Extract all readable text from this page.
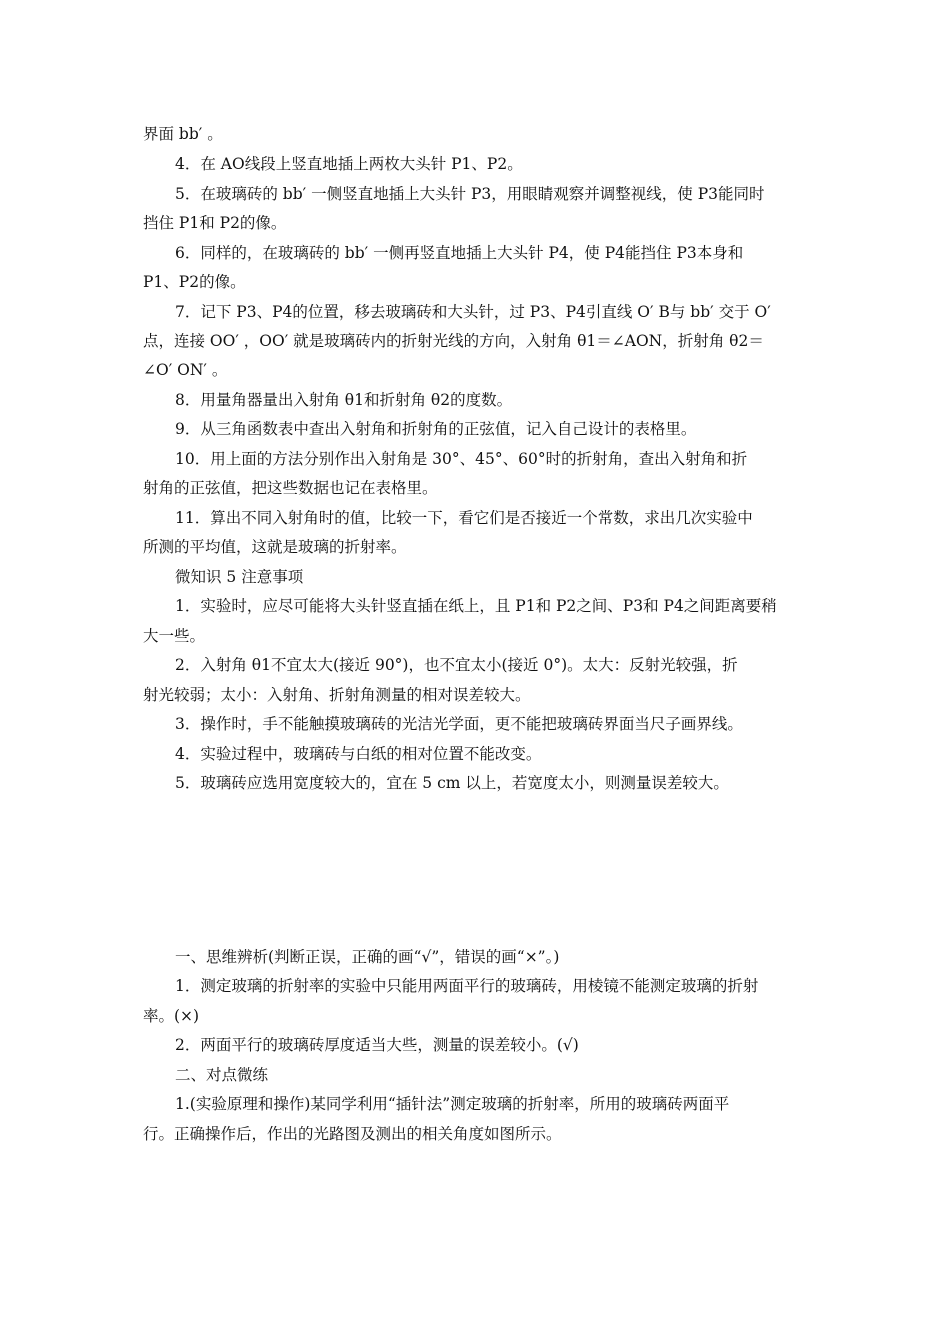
界面 bb′ 。
4．在 AO线段上竖直地插上两枚大头针 P1、P2。
5．在玻璃砖的 bb′ 一侧竖直地插上大头针 P3，用眼睛观察并调整视线，使 P3能同时
挡住 P1和 P2的像。
6．同样的，在玻璃砖的 bb′ 一侧再竖直地插上大头针 P4，使 P4能挡住 P3本身和
P1、P2的像。
7．记下 P3、P4的位置，移去玻璃砖和大头针，过 P3、P4引直线 O′ B与 bb′ 交于 O′
点，连接 OO′ ，OO′ 就是玻璃砖内的折射光线的方向，入射角 θ1＝∠AON，折射角 θ2＝
∠O′ ON′ 。
8．用量角器量出入射角 θ1和折射角 θ2的度数。
9．从三角函数表中查出入射角和折射角的正弦值，记入自己设计的表格里。
10．用上面的方法分别作出入射角是 30°、45°、60°时的折射角，查出入射角和折
射角的正弦值，把这些数据也记在表格里。
11．算出不同入射角时的值，比较一下，看它们是否接近一个常数，求出几次实验中
所测的平均值，这就是玻璃的折射率。
微知识 5 注意事项
1．实验时，应尽可能将大头针竖直插在纸上，且 P1和 P2之间、P3和 P4之间距离要稍
大一些。
2．入射角 θ1不宜太大(接近 90°)，也不宜太小(接近 0°)。太大：反射光较强，折
射光较弱；太小：入射角、折射角测量的相对误差较大。
3．操作时，手不能触摸玻璃砖的光洁光学面，更不能把玻璃砖界面当尺子画界线。
4．实验过程中，玻璃砖与白纸的相对位置不能改变。
5．玻璃砖应选用宽度较大的，宜在 5 cm 以上，若宽度太小，则测量误差较大。
一、思维辨析(判断正误，正确的画“√”，错误的画“×”。)
1．测定玻璃的折射率的实验中只能用两面平行的玻璃砖，用棱镜不能测定玻璃的折射
率。(×)
2．两面平行的玻璃砖厚度适当大些，测量的误差较小。(√)
二、对点微练
1.(实验原理和操作)某同学利用“插针法”测定玻璃的折射率，所用的玻璃砖两面平
行。正确操作后，作出的光路图及测出的相关角度如图所示。
